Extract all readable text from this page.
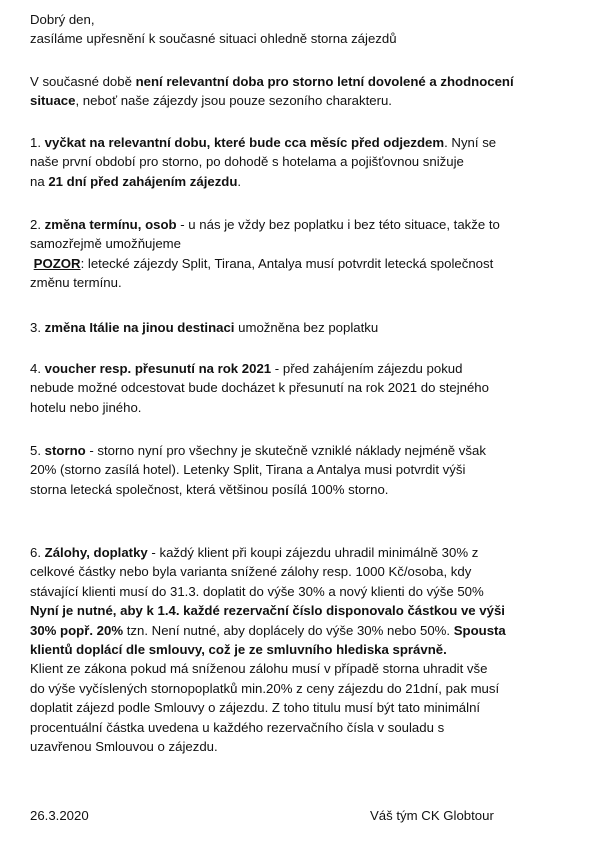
Dobrý den,
zasíláme upřesnění k současné situaci ohledně storna zájezdů
V současné době není relevantní doba pro storno letní dovolené a zhodnocení
situace, neboť naše zájezdy jsou pouze sezoního charakteru.
1. vyčkat na relevantní dobu, které bude cca měsíc před odjezdem. Nyní se
naše první období pro storno, po dohodě s hotelama a pojišťovnou snižuje
na 21 dní před zahájením zájezdu.
2. změna termínu, osob - u nás je vždy bez poplatku i bez této situace, takže to
samozřejmě umožňujeme
POZOR: letecké zájezdy Split, Tirana, Antalya musí potvrdit letecká společnost
změnu termínu.
3. změna Itálie na jinou destinaci umožněna bez poplatku
4. voucher resp. přesunutí na rok 2021 - před zahájením zájezdu pokud
nebude možné odcestovat bude docházet k přesunutí na rok 2021 do stejného
hotelu nebo jiného.
5. storno - storno nyní pro všechny je skutečně vzniklé náklady nejméně však
20% (storno zasílá hotel). Letenky Split, Tirana a Antalya musi potvrdit výši
storna letecká společnost, která většinou posílá 100% storno.
6. Zálohy, doplatky - každý klient při koupi zájezdu uhradil minimálně 30% z
celkové částky nebo byla varianta snížené zálohy resp. 1000 Kč/osoba, kdy
stávající klienti musí do 31.3. doplatit do výše 30% a nový klienti do výše 50%
Nyní je nutné, aby k 1.4. každé rezervační číslo disponovalo částkou ve výši
30% popř. 20% tzn. Není nutné, aby doplácely do výše 30% nebo 50%. Spousta
klientů doplácí dle smlouvy, což je ze smluvního hlediska správně.
Klient ze zákona pokud má sníženou zálohu musí v případě storna uhradit vše
do výše vyčíslených stornopoplatků min.20% z ceny zájezdu do 21dní, pak musí
doplatit zájezd podle Smlouvy o zájezdu. Z toho titulu musí být tato minimální
procentuální částka uvedena u každého rezervačního čísla v souladu s
uzavřenou Smlouvou o zájezdu.
26.3.2020	Váš tým CK Globtour
